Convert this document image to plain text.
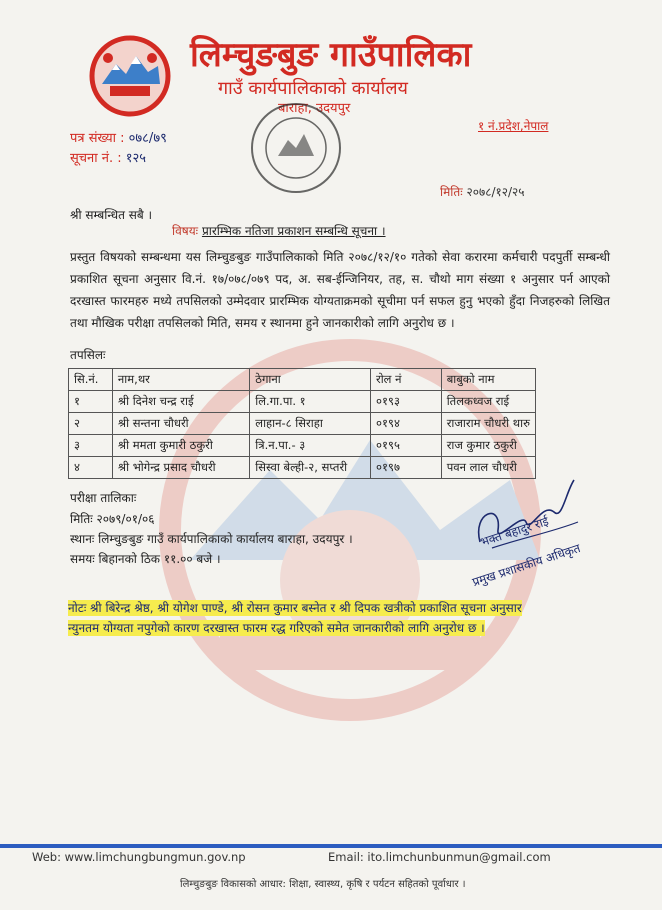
लिम्चुङबुङ गाउँपालिका
गाउँ कार्यपालिकाको कार्यालय
बाराहा, उदयपुर
१ नं.प्रदेश,नेपाल
पत्र संख्या : ०७८/७९
सूचना नं. : १२५
मितिः २०७८/१२/२५
श्री सम्बन्धित सबै ।
विषयः प्रारम्भिक नतिजा प्रकाशन सम्बन्धि सूचना ।
प्रस्तुत विषयको सम्बन्धमा यस लिम्चुङबुङ गाउँपालिकाको मिति २०७८/१२/१० गतेको सेवा करारमा कर्मचारी पदपुर्ती सम्बन्धी प्रकाशित सूचना अनुसार वि.नं. १७/०७८/०७९ पद, अ. सब-ईन्जिनियर, तह, स. चौथो माग संख्या १ अनुसार पर्न आएको दरखास्त फारमहरु मध्ये तपसिलको उम्मेदवार प्रारम्भिक योग्यताक्रमको सूचीमा पर्न सफल हुनु भएको हुँदा निजहरुको लिखित तथा मौखिक परीक्षा तपसिलको मिति, समय र स्थानमा हुने जानकारीको लागि अनुरोध छ ।
तपसिलः
सि.नं.	नाम,थर	ठेगाना	रोल नं	बाबुको नाम
१	श्री दिनेश चन्द्र राई	लि.गा.पा. १	०१९३	तिलकध्वज राई
२	श्री सन्तना चौधरी	लाहान-८ सिराहा	०१९४	राजाराम चौधरी थारु
३	श्री ममता कुमारी ठकुरी	त्रि.न.पा.- ३	०१९५	राज कुमार ठकुरी
४	श्री भोगेन्द्र प्रसाद चौधरी	सिस्वा बेल्ही-२, सप्तरी	०१९७	पवन लाल चौधरी
परीक्षा तालिकाः
मितिः २०७९/०१/०६
स्थानः लिम्चुङबुङ गाउँ कार्यपालिकाको कार्यालय बाराहा, उदयपुर ।
समयः बिहानको ठिक ११.०० बजे ।
भक्त बहादुर राई
प्रमुख प्रशासकीय अधिकृत
नोटः श्री बिरेन्द्र श्रेष्ठ, श्री योगेश पाण्डे, श्री रोसन कुमार बस्नेत र श्री दिपक खत्रीको प्रकाशित सूचना अनुसार
न्युनतम योग्यता नपुगेको कारण दरखास्त फारम रद्ध गरिएको समेत जानकारीको लागि अनुरोध छ ।
Web: www.limchungbungmun.gov.np	Email: ito.limchunbunmun@gmail.com
लिम्चुङबुङ विकासको आधार: शिक्षा, स्वास्थ्य, कृषि र पर्यटन सहितको पूर्वाधार ।
